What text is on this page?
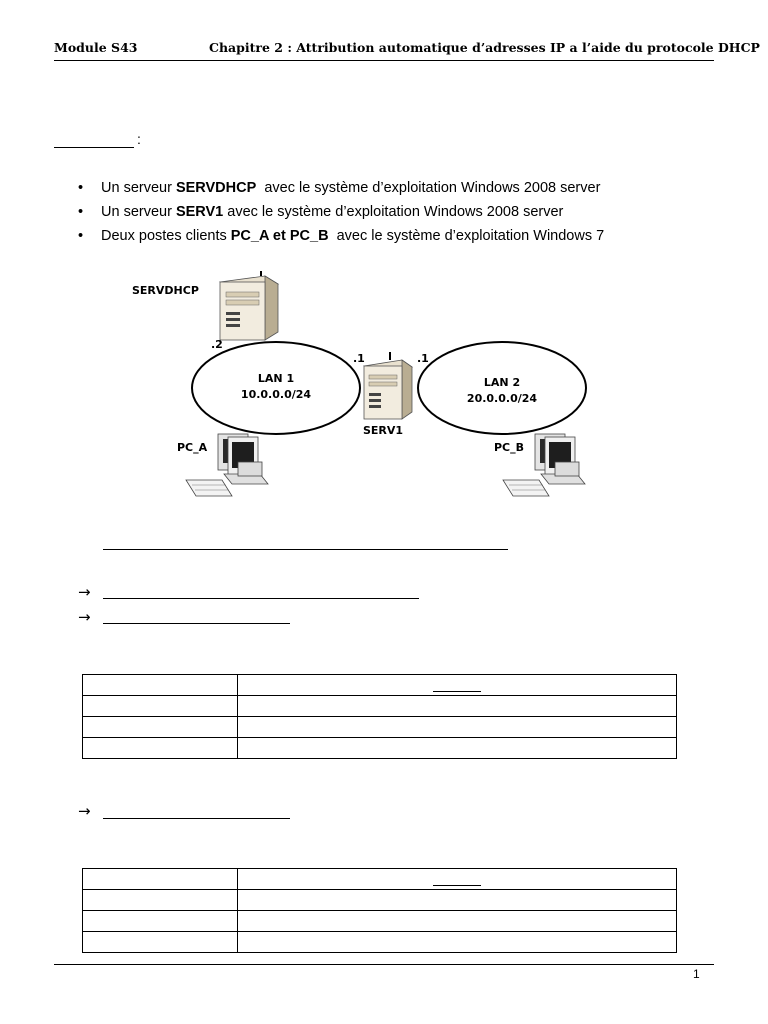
Module S43	Chapitre 2 : Attribution automatique d’adresses IP a l’aide du protocole DHCP
:
• Un serveur SERVDHCP  avec le système d’exploitation Windows 2008 server
• Un serveur SERV1 avec le système d’exploitation Windows 2008 server
• Deux postes clients PC_A et PC_B  avec le système d’exploitation Windows 7
SERVDHCP
.2
.1	.1
SERV1
LAN 1
10.0.0.0/24
LAN 2
20.0.0.0/24
PC_A	PC_B
→
→

→

1
